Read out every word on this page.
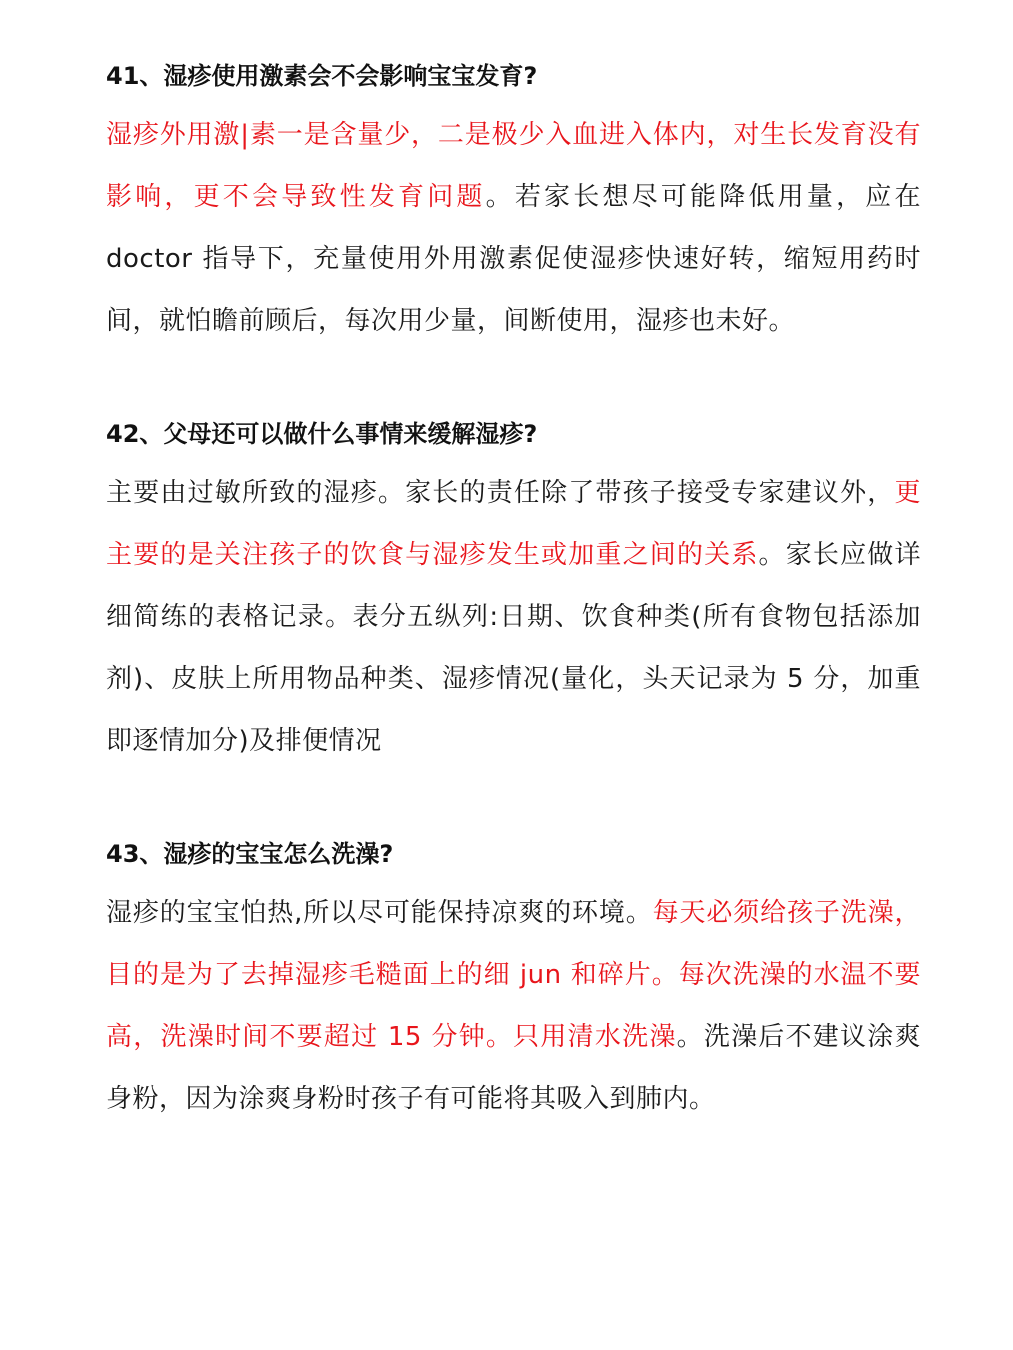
41、湿疹使用激素会不会影响宝宝发育?

湿疹外用激|素一是含量少，二是极少入血进入体内，对生长发育没有影响，更不会导致性发育问题。若家长想尽可能降低用量，应在doctor 指导下，充量使用外用激素促使湿疹快速好转，缩短用药时间，就怕瞻前顾后，每次用少量，间断使用，湿疹也未好。

42、父母还可以做什么事情来缓解湿疹?

主要由过敏所致的湿疹。家长的责任除了带孩子接受专家建议外，更主要的是关注孩子的饮食与湿疹发生或加重之间的关系。家长应做详细简练的表格记录。表分五纵列:日期、饮食种类(所有食物包括添加剂)、皮肤上所用物品种类、湿疹情况(量化，头天记录为 5 分，加重即逐情加分)及排便情况

43、湿疹的宝宝怎么洗澡?

湿疹的宝宝怕热,所以尽可能保持凉爽的环境。每天必须给孩子洗澡，目的是为了去掉湿疹毛糙面上的细 jun 和碎片。每次洗澡的水温不要高，洗澡时间不要超过 15 分钟。只用清水洗澡。洗澡后不建议涂爽身粉，因为涂爽身粉时孩子有可能将其吸入到肺内。
